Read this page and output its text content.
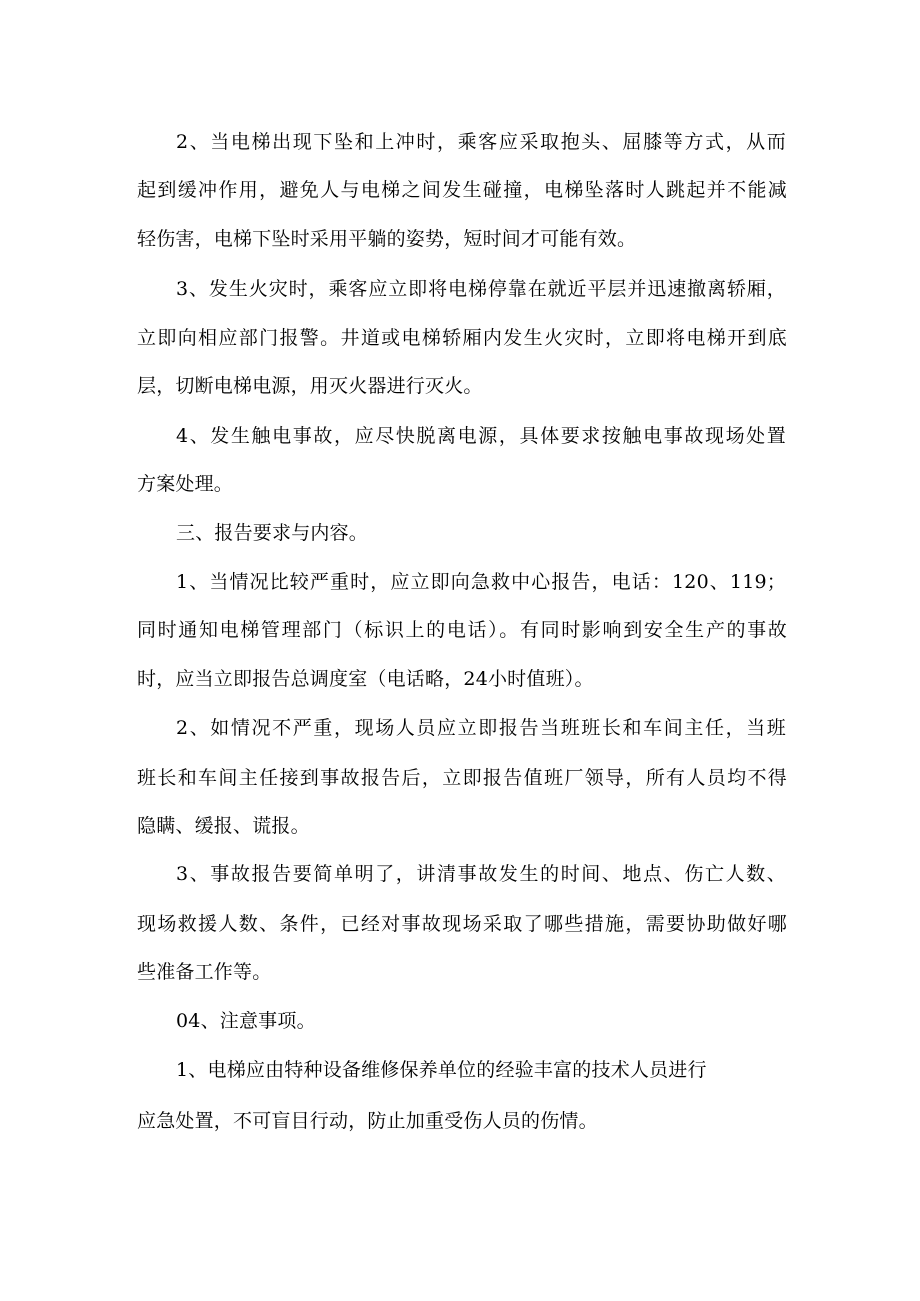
2、当电梯出现下坠和上冲时，乘客应采取抱头、屈膝等方式，从而
起到缓冲作用，避免人与电梯之间发生碰撞，电梯坠落时人跳起并不能减
轻伤害，电梯下坠时采用平躺的姿势，短时间才可能有效。
3、发生火灾时，乘客应立即将电梯停靠在就近平层并迅速撤离轿厢，
立即向相应部门报警。井道或电梯轿厢内发生火灾时，立即将电梯开到底
层，切断电梯电源，用灭火器进行灭火。
4、发生触电事故，应尽快脱离电源，具体要求按触电事故现场处置
方案处理。
三、报告要求与内容。
1、当情况比较严重时，应立即向急救中心报告，电话：120、119；
同时通知电梯管理部门（标识上的电话）。有同时影响到安全生产的事故
时，应当立即报告总调度室（电话略，24小时值班）。
2、如情况不严重，现场人员应立即报告当班班长和车间主任，当班
班长和车间主任接到事故报告后，立即报告值班厂领导，所有人员均不得
隐瞒、缓报、谎报。
3、事故报告要简单明了，讲清事故发生的时间、地点、伤亡人数、
现场救援人数、条件，已经对事故现场采取了哪些措施，需要协助做好哪
些准备工作等。
04、注意事项。
1、电梯应由特种设备维修保养单位的经验丰富的技术人员进行
应急处置，不可盲目行动，防止加重受伤人员的伤情。
